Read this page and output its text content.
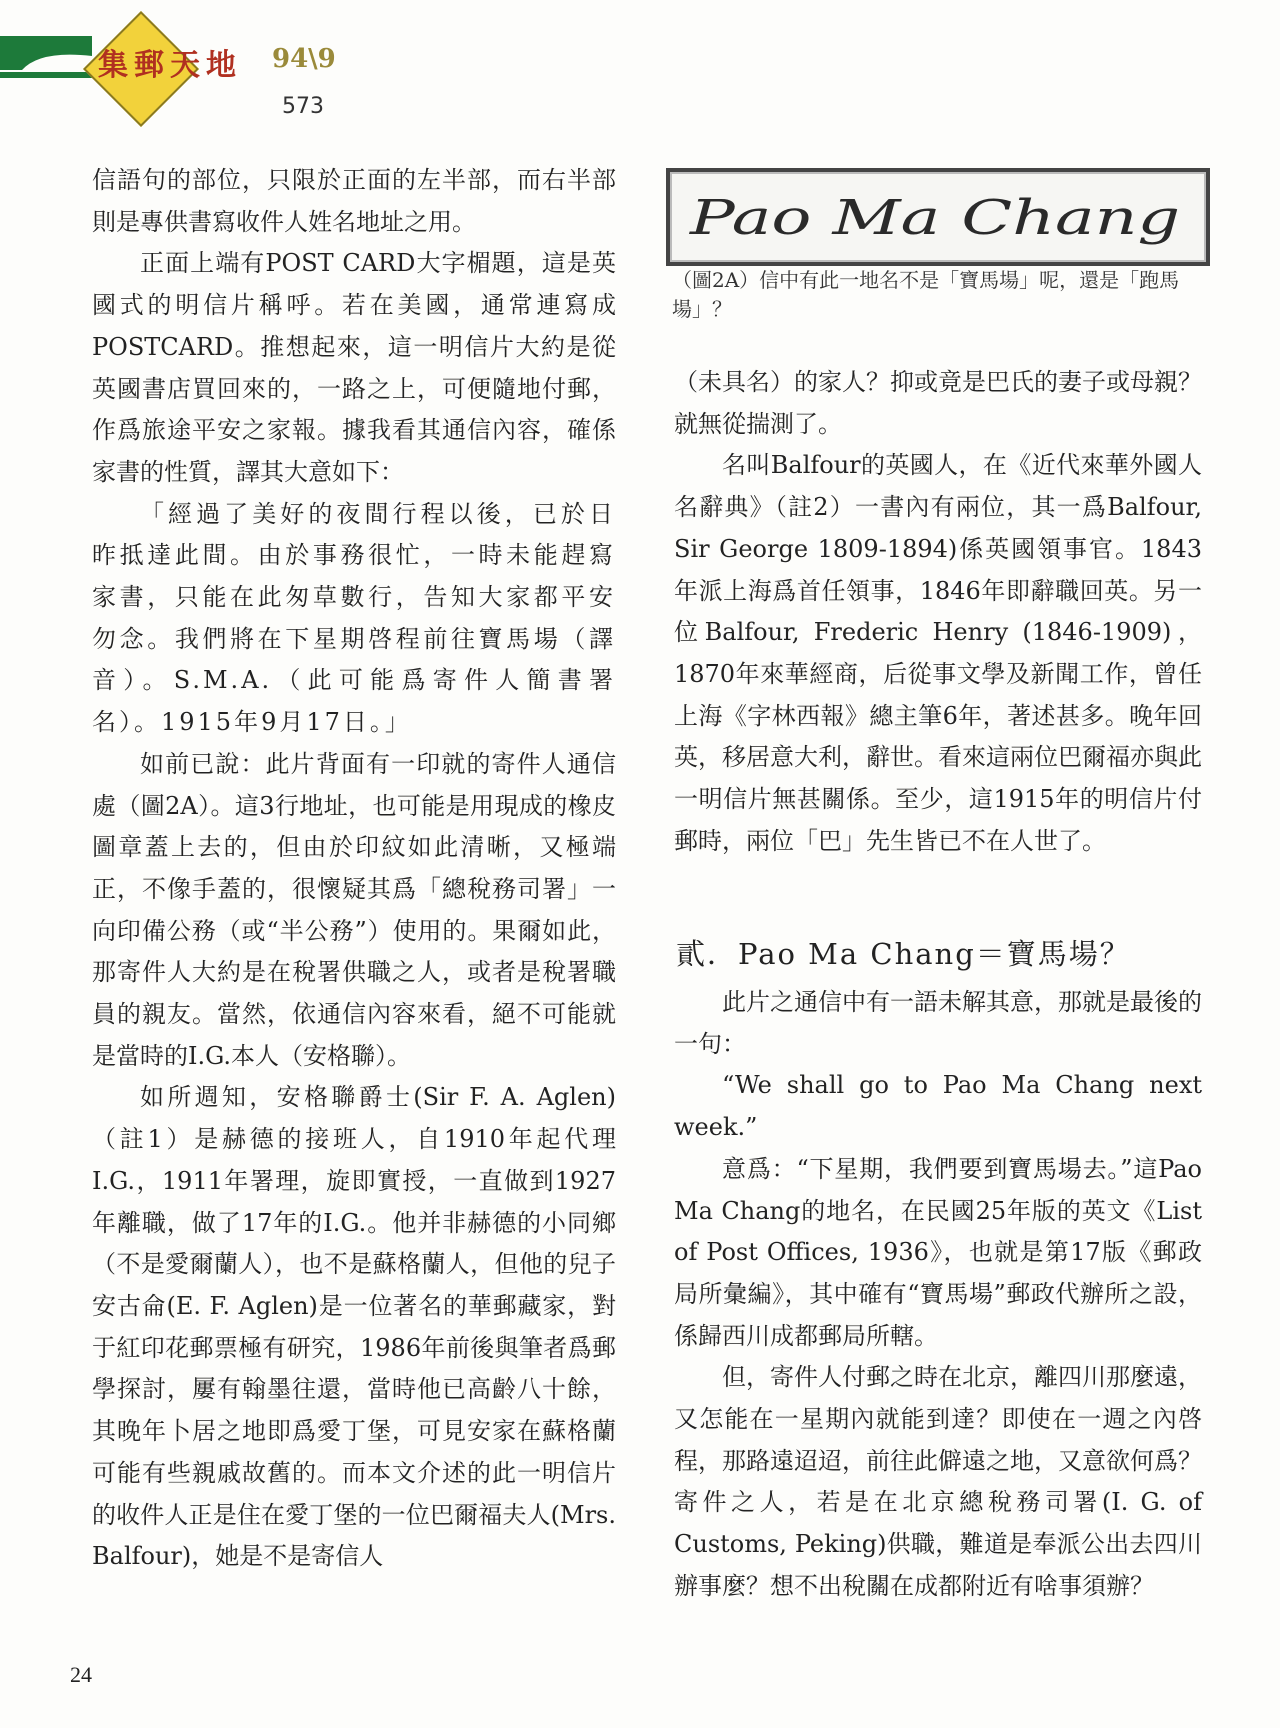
集郵天地 94\9
573

信語句的部位，只限於正面的左半部，而右半部則是專供書寫收件人姓名地址之用。

正面上端有POST CARD大字楣題，這是英國式的明信片稱呼。若在美國，通常連寫成POSTCARD。推想起來，這一明信片大約是從英國書店買回來的，一路之上，可便隨地付郵，作爲旅途平安之家報。據我看其通信內容，確係家書的性質，譯其大意如下：

「經過了美好的夜間行程以後，已於日昨抵達此間。由於事務很忙，一時未能趕寫家書，只能在此匆草數行，告知大家都平安勿念。我們將在下星期啓程前往寶馬場（譯音）。S.M.A.（此可能爲寄件人簡書署名）。1915年9月17日。」

如前已說：此片背面有一印就的寄件人通信處（圖2A）。這3行地址，也可能是用現成的橡皮圖章蓋上去的，但由於印紋如此清晰，又極端正，不像手蓋的，很懷疑其爲「總稅務司署」一向印備公務（或“半公務”）使用的。果爾如此，那寄件人大約是在稅署供職之人，或者是稅署職員的親友。當然，依通信內容來看，絕不可能就是當時的I.G.本人（安格聯）。

如所週知，安格聯爵士(Sir F. A. Aglen)（註1）是赫德的接班人，自1910年起代理I.G.，1911年署理，旋即實授，一直做到1927年離職，做了17年的I.G.。他并非赫德的小同鄉（不是愛爾蘭人），也不是蘇格蘭人，但他的兒子安古侖(E. F. Aglen)是一位著名的華郵藏家，對于紅印花郵票極有研究，1986年前後與筆者爲郵學探討，屢有翰墨往還，當時他已高齡八十餘，其晚年卜居之地即爲愛丁堡，可見安家在蘇格蘭可能有些親戚故舊的。而本文介述的此一明信片的收件人正是住在愛丁堡的一位巴爾福夫人(Mrs. Balfour)，她是不是寄信人

Pao Ma Chang
（圖2A）信中有此一地名不是「寶馬場」呢，還是「跑馬場」？

（未具名）的家人？抑或竟是巴氏的妻子或母親？就無從揣測了。

名叫Balfour的英國人，在《近代來華外國人名辭典》（註2）一書內有兩位，其一爲Balfour, Sir George 1809-1894)係英國領事官。1843年派上海爲首任領事，1846年即辭職回英。另一位Balfour, Frederic Henry (1846-1909)，1870年來華經商，后從事文學及新聞工作，曾任上海《字林西報》總主筆6年，著述甚多。晚年回英，移居意大利，辭世。看來這兩位巴爾福亦與此一明信片無甚關係。至少，這1915年的明信片付郵時，兩位「巴」先生皆已不在人世了。

貳．Pao Ma Chang＝寶馬場？

此片之通信中有一語未解其意，那就是最後的一句：

“We shall go to Pao Ma Chang next week.”

意爲：“下星期，我們要到寶馬場去。”這Pao Ma Chang的地名，在民國25年版的英文《List of Post Offices, 1936》，也就是第17版《郵政局所彙編》，其中確有“寶馬場”郵政代辦所之設，係歸西川成都郵局所轄。

但，寄件人付郵之時在北京，離四川那麼遠，又怎能在一星期內就能到達？即使在一週之內啓程，那路遠迢迢，前往此僻遠之地，又意欲何爲？寄件之人，若是在北京總稅務司署(I. G. of Customs, Peking)供職，難道是奉派公出去四川辦事麼？想不出稅關在成都附近有啥事須辦？

24
